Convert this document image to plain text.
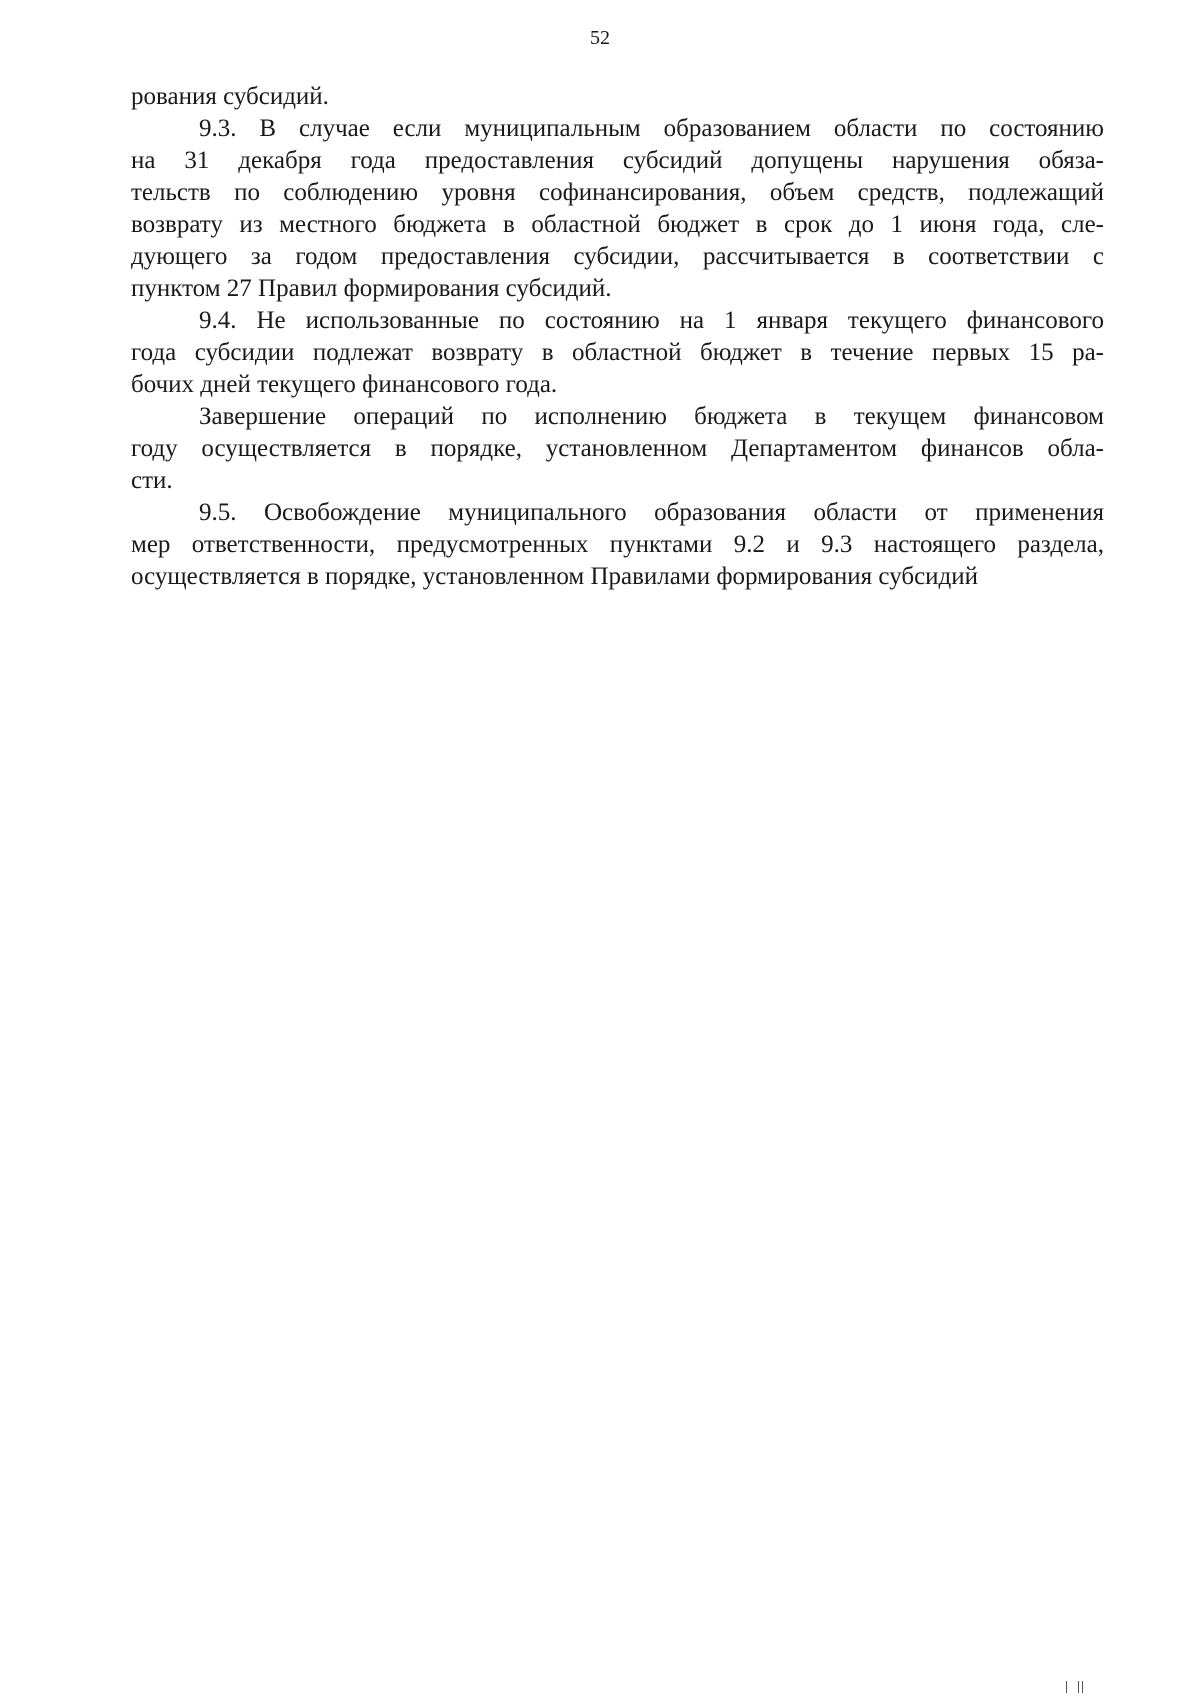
52

рования субсидий.

9.3. В случае если муниципальным образованием области по состоянию

на 31 декабря года предоставления субсидий допущены нарушения обяза-

тельств по соблюдению уровня софинансирования, объем средств, подлежащий

возврату из местного бюджета в областной бюджет в срок до 1 июня года, сле-

дующего за годом предоставления субсидии, рассчитывается в соответствии с

пунктом 27 Правил формирования субсидий.

9.4. Не использованные по состоянию на 1 января текущего финансового

года субсидии подлежат возврату в областной бюджет в течение первых 15 ра-

бочих дней текущего финансового года.

Завершение операций по исполнению бюджета в текущем финансовом

году осуществляется в порядке, установленном Департаментом финансов обла-

сти.

9.5. Освобождение муниципального образования области от применения

мер ответственности, предусмотренных пунктами 9.2 и 9.3 настоящего раздела,

осуществляется в порядке, установленном Правилами формирования субсидий
